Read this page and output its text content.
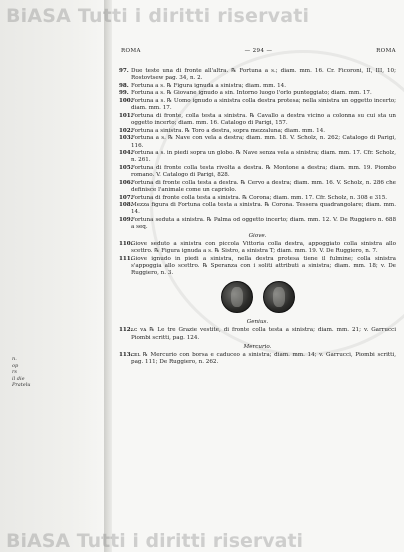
BiASA Tutti i diritti riservati
n.
op
rs
il die
Pratelu
ROMA	— 294 —	ROMA
97. Due teste una di fronte all'altra. ℞ Fortuna a s.; diam. mm. 16. Cr. Ficoroni, II, III, 10; Rostovtsew pag. 34, n. 2.
98. Fortuna a s. ℞ Figura ignuda a sinistra; diam. mm. 14.
99. Fortuna a s. ℞ Giovane ignudo a sin. Intorno luogo l'orlo punteggiato; diam. mm. 17.
100.
Fortuna a s. ℞ Uomo ignudo a sinistra colla destra protesa; nella sinistra un oggetto incerto; diam. mm. 17.
101.
Fortuna di fronte, colla testa a sinistra. ℞ Cavallo a destra vicino a colonna su cui sta un oggetto incerto; diam. mm. 16. Catalogo di Parigi, 157.
102.
Fortuna a sinistra. ℞ Toro a destra, sopra mezzaluna; diam. mm. 14.
103.
Fortuna a s. ℞ Nave con vela a destra; diam. mm. 18. V. Scholz, n. 262; Catalogo di Parigi, 116.
104.
Fortuna a s. in piedi sopra un globo. ℞ Nave senza vela a sinistra; diam. mm. 17. Cfr. Scholz, n. 261.
105.
Fortuna di fronte colla testa rivolta a destra. ℞ Montone a destra; diam. mm. 19. Piombo romano. V. Catalogo di Parigi, 828.
106.
Fortuna di fronte colla testa a destra. ℞ Cervo a destra; diam. mm. 16. V. Scholz, n. 286 che definisce l'animale come un capriolo.
107.
Fortuna di fronte colla testa a sinistra. ℞ Corona; diam. mm. 17. Cfr. Scholz, n. 308 e 315.
108.
Mezza figura di Fortuna colla testa a sinistra. ℞ Corona. Tessera quadrangolare; diam. mm. 14.
109.
Fortuna seduta a sinistra. ℞ Palma od oggetto incerto; diam. mm. 12. V. De Ruggiero n. 688 a seq.
Giove.
110.
Giove seduto a sinistra con piccola Vittoria colla destra, appoggiato colla sinistra allo scettro. ℞ Figura ignuda a s. ℞ Sistro, a sinistra T; diam. mm. 19. V. De Ruggiero, n. 7.
111.
Giove ignudo in piedi a sinistra, nella destra protesa tiene il fulmine; colla sinistra s'appoggia allo scettro. ℞ Speranza con i soliti attributi a sinistra; diam. mm. 18; v. De Ruggiero, n. 3.
Genius.
112.
ʟᴄ ᴠᴀ ℞ Le tre Grazie vestite, di fronte colla testa a sinistra; diam. mm. 21; v. Garrucci Piombi scritti, pag. 124.
Mercurio.
113.
ᴄᴇʟ ℞ Mercurio con borsa e caduceo a sinistra; diam. mm. 14; v. Garrucci, Piombi scritti, pag. 111; De Ruggiero, n. 262.
BiASA Tutti i diritti riservati
